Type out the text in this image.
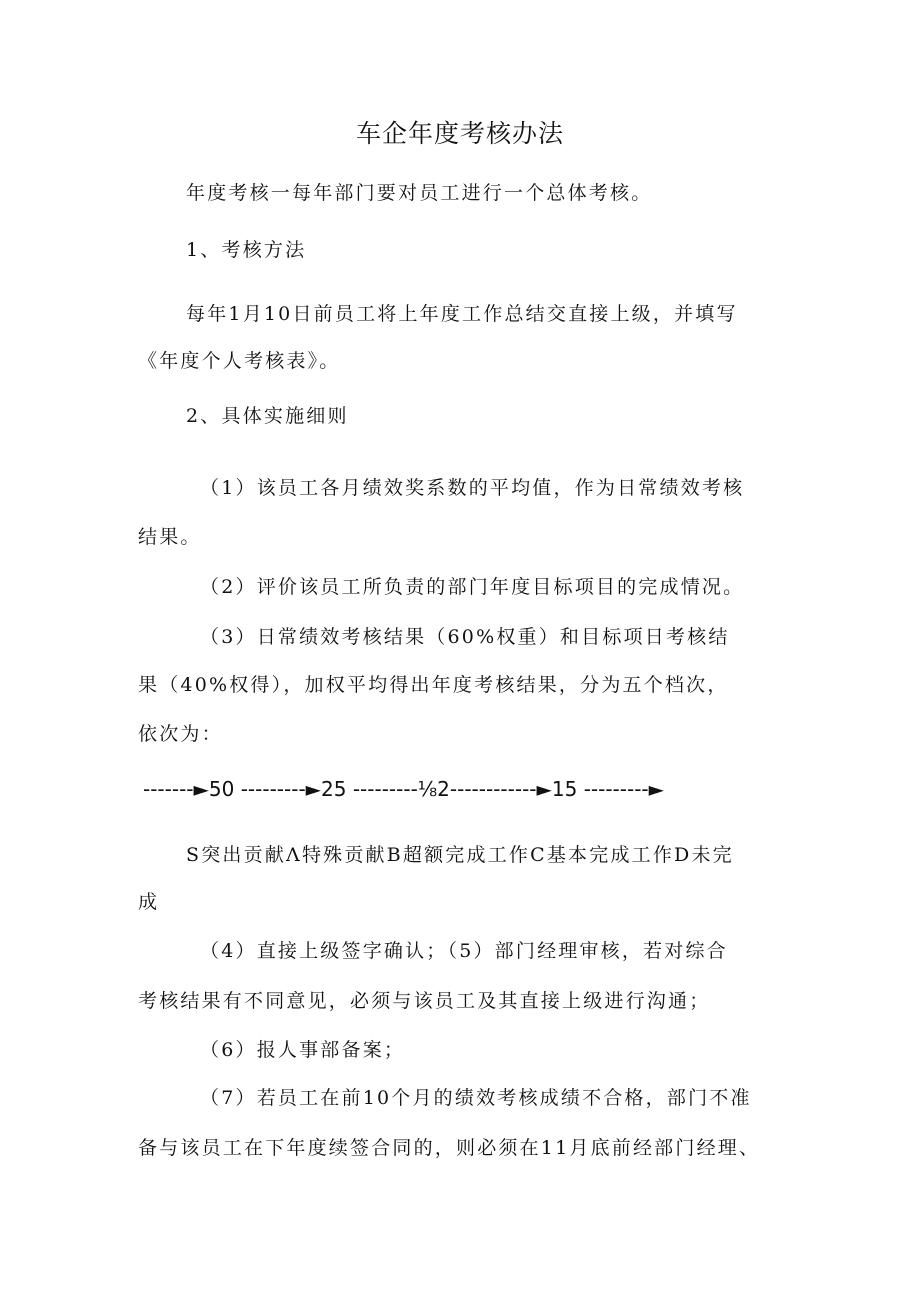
车企年度考核办法
年度考核一每年部门要对员工进行一个总体考核。
1、考核方法
每年1月10日前员工将上年度工作总结交直接上级，并填写
《年度个人考核表》。
2、具体实施细则
（1）该员工各月绩效奖系数的平均值，作为日常绩效考核
结果。
（2）评价该员工所负责的部门年度目标项目的完成情况。
（3）日常绩效考核结果（60%权重）和目标项日考核结
果（40%权得），加权平均得出年度考核结果，分为五个档次，
依次为：
-------►50 ---------►25 ---------⅛2------------►15 ---------►
S突出贡献Λ特殊贡献B超额完成工作C基本完成工作D未完
成
（4）直接上级签字确认；（5）部门经理审核，若对综合
考核结果有不同意见，必须与该员工及其直接上级进行沟通；
（6）报人事部备案；
（7）若员工在前10个月的绩效考核成绩不合格，部门不准
备与该员工在下年度续签合同的，则必须在11月底前经部门经理、
